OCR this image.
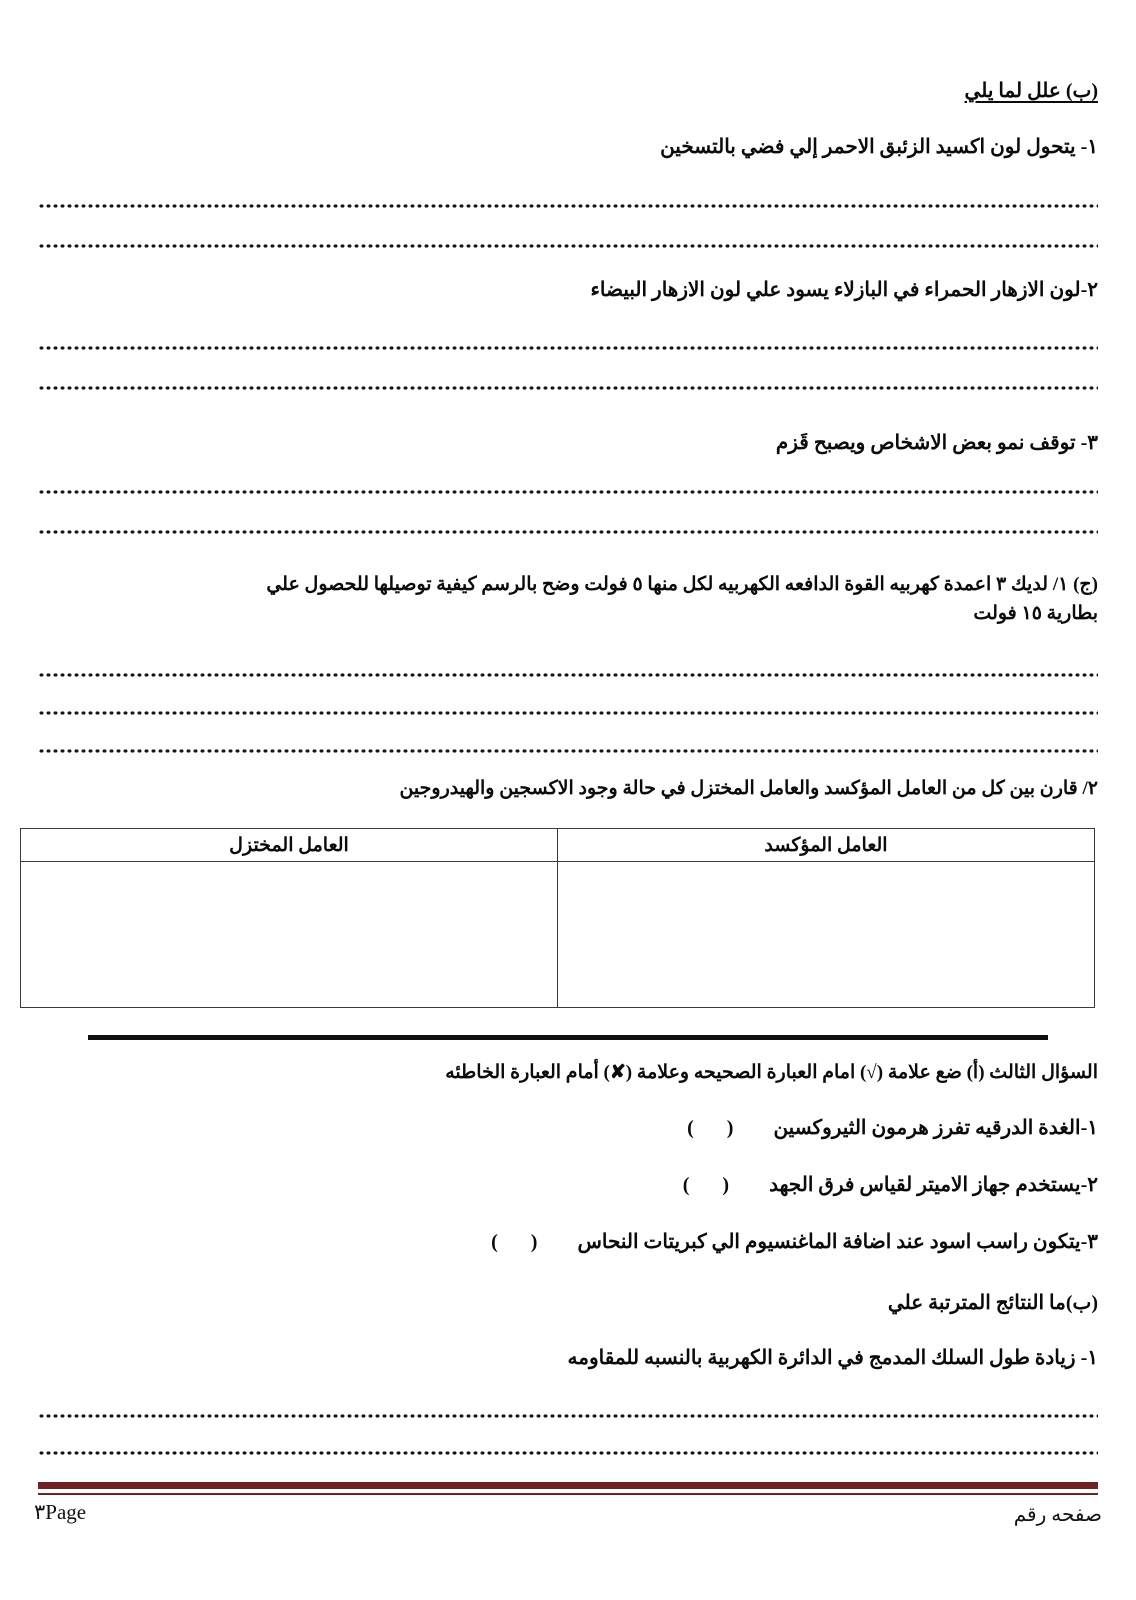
(ب) علل لما يلي
١- يتحول لون اكسيد الزئبق الاحمر إلي فضي بالتسخين
٢-لون الازهار الحمراء في البازلاء يسود علي لون الازهار البيضاء
٣- توقف نمو بعض الاشخاص ويصبح قَزم
(ج) ١/ لديك ٣ اعمدة كهربيه القوة الدافعه الكهربيه لكل منها ٥ فولت وضح بالرسم كيفية توصيلها للحصول علي بطارية ١٥ فولت
٢/ قارن بين كل من العامل المؤكسد والعامل المختزل في حالة وجود الاكسجين والهيدروجين
العامل المؤكسد	العامل المختزل

السؤال الثالث (أ) ضع علامة (√) امام العبارة الصحيحه وعلامة (✘) أمام العبارة الخاطئه
١-الغدة الدرقيه تفرز هرمون الثيروكسين
( )
٢-يستخدم جهاز الاميتر لقياس فرق الجهد
( )
٣-يتكون راسب اسود عند اضافة الماغنسيوم الي كبريتات النحاس
( )
(ب)ما النتائج المترتبة علي
١- زيادة طول السلك المدمج في الدائرة الكهربية بالنسبه للمقاومه
٣Page	صفحه رقم
